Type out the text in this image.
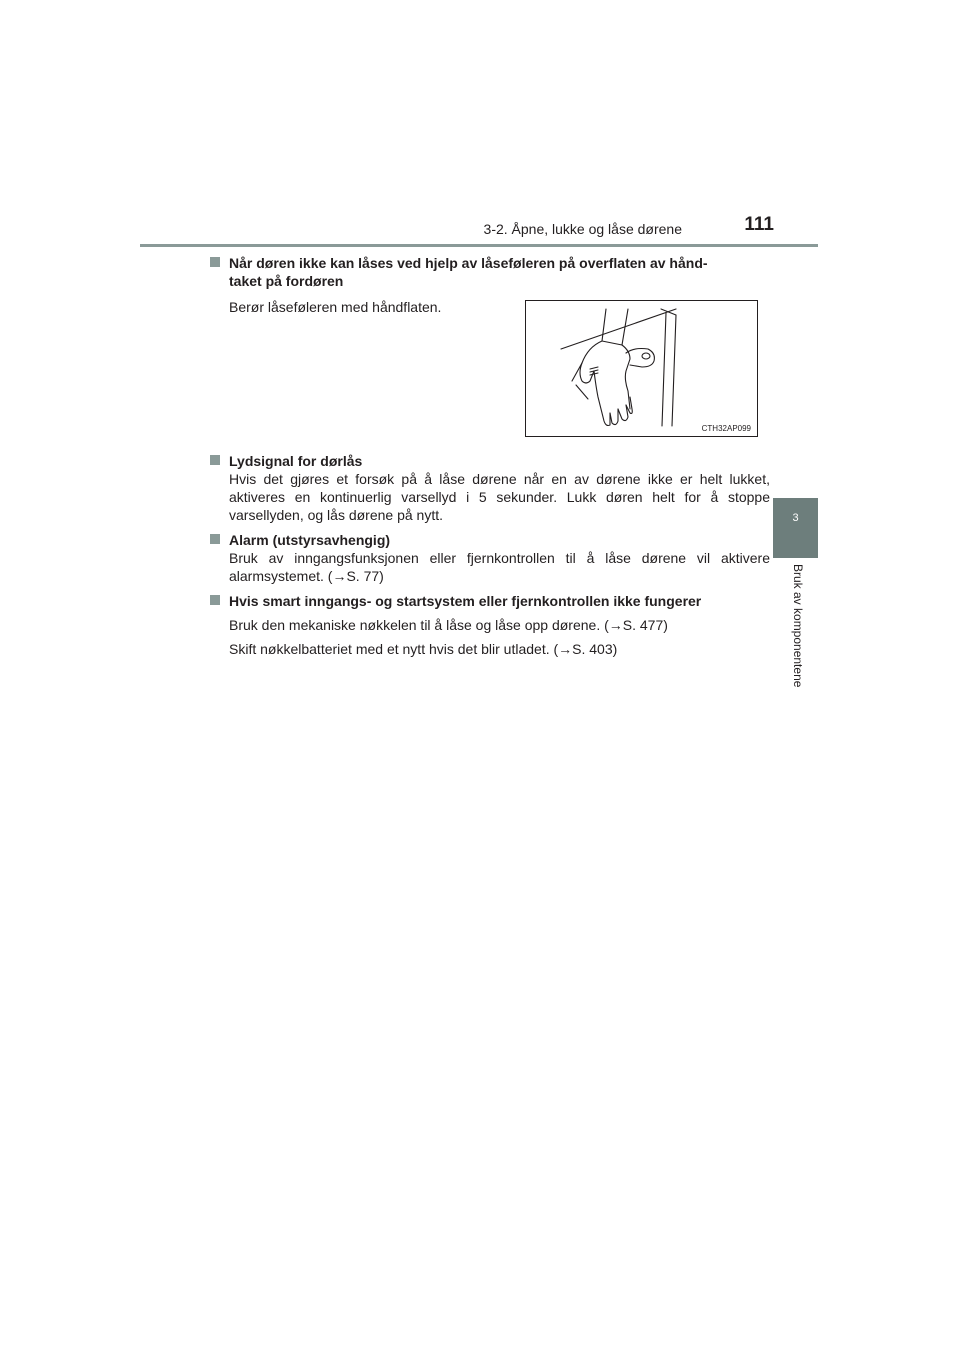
3-2. Åpne, lukke og låse dørene	111
3
Bruk av komponentene
Når døren ikke kan låses ved hjelp av låseføleren på overflaten av hånd-
taket på fordøren
Berør låseføleren med håndflaten.
CTH32AP099
Lydsignal for dørlås
Hvis det gjøres et forsøk på å låse dørene når en av dørene ikke er helt lukket, aktiveres en kontinuerlig varsellyd i 5 sekunder. Lukk døren helt for å stoppe varsellyden, og lås dørene på nytt.
Alarm (utstyrsavhengig)
Bruk av inngangsfunksjonen eller fjernkontrollen til å låse dørene vil aktivere alarmsystemet. (→S. 77)
Hvis smart inngangs- og startsystem eller fjernkontrollen ikke fungerer
Bruk den mekaniske nøkkelen til å låse og låse opp dørene. (→S. 477)
Skift nøkkelbatteriet med et nytt hvis det blir utladet. (→S. 403)
